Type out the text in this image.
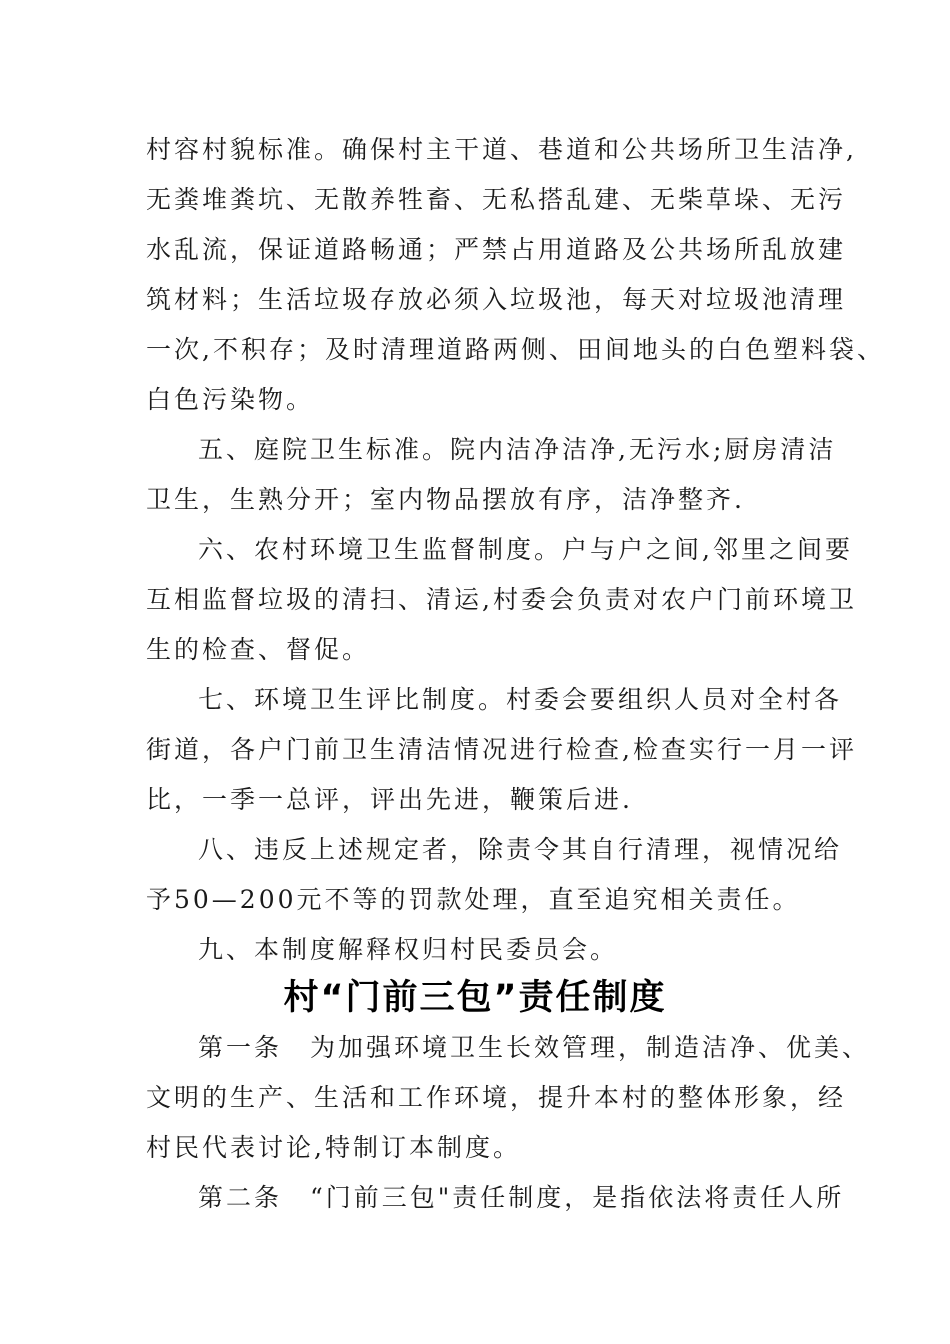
村容村貌标准。确保村主干道、巷道和公共场所卫生洁净,
无粪堆粪坑、无散养牲畜、无私搭乱建、无柴草垛、无污
水乱流，保证道路畅通；严禁占用道路及公共场所乱放建
筑材料；生活垃圾存放必须入垃圾池，每天对垃圾池清理
一次,不积存；及时清理道路两侧、田间地头的白色塑料袋、
白色污染物。
五、庭院卫生标准。院内洁净洁净,无污水;厨房清洁
卫生，生熟分开；室内物品摆放有序，洁净整齐.
六、农村环境卫生监督制度。户与户之间,邻里之间要
互相监督垃圾的清扫、清运,村委会负责对农户门前环境卫
生的检查、督促。
七、环境卫生评比制度。村委会要组织人员对全村各
街道，各户门前卫生清洁情况进行检查,检查实行一月一评
比，一季一总评，评出先进，鞭策后进.
八、违反上述规定者，除责令其自行清理，视情况给
予50—200元不等的罚款处理，直至追究相关责任。
九、本制度解释权归村民委员会。
村“门前三包”责任制度
第一条　为加强环境卫生长效管理，制造洁净、优美、
文明的生产、生活和工作环境，提升本村的整体形象，经
村民代表讨论,特制订本制度。
第二条　“门前三包"责任制度，是指依法将责任人所
